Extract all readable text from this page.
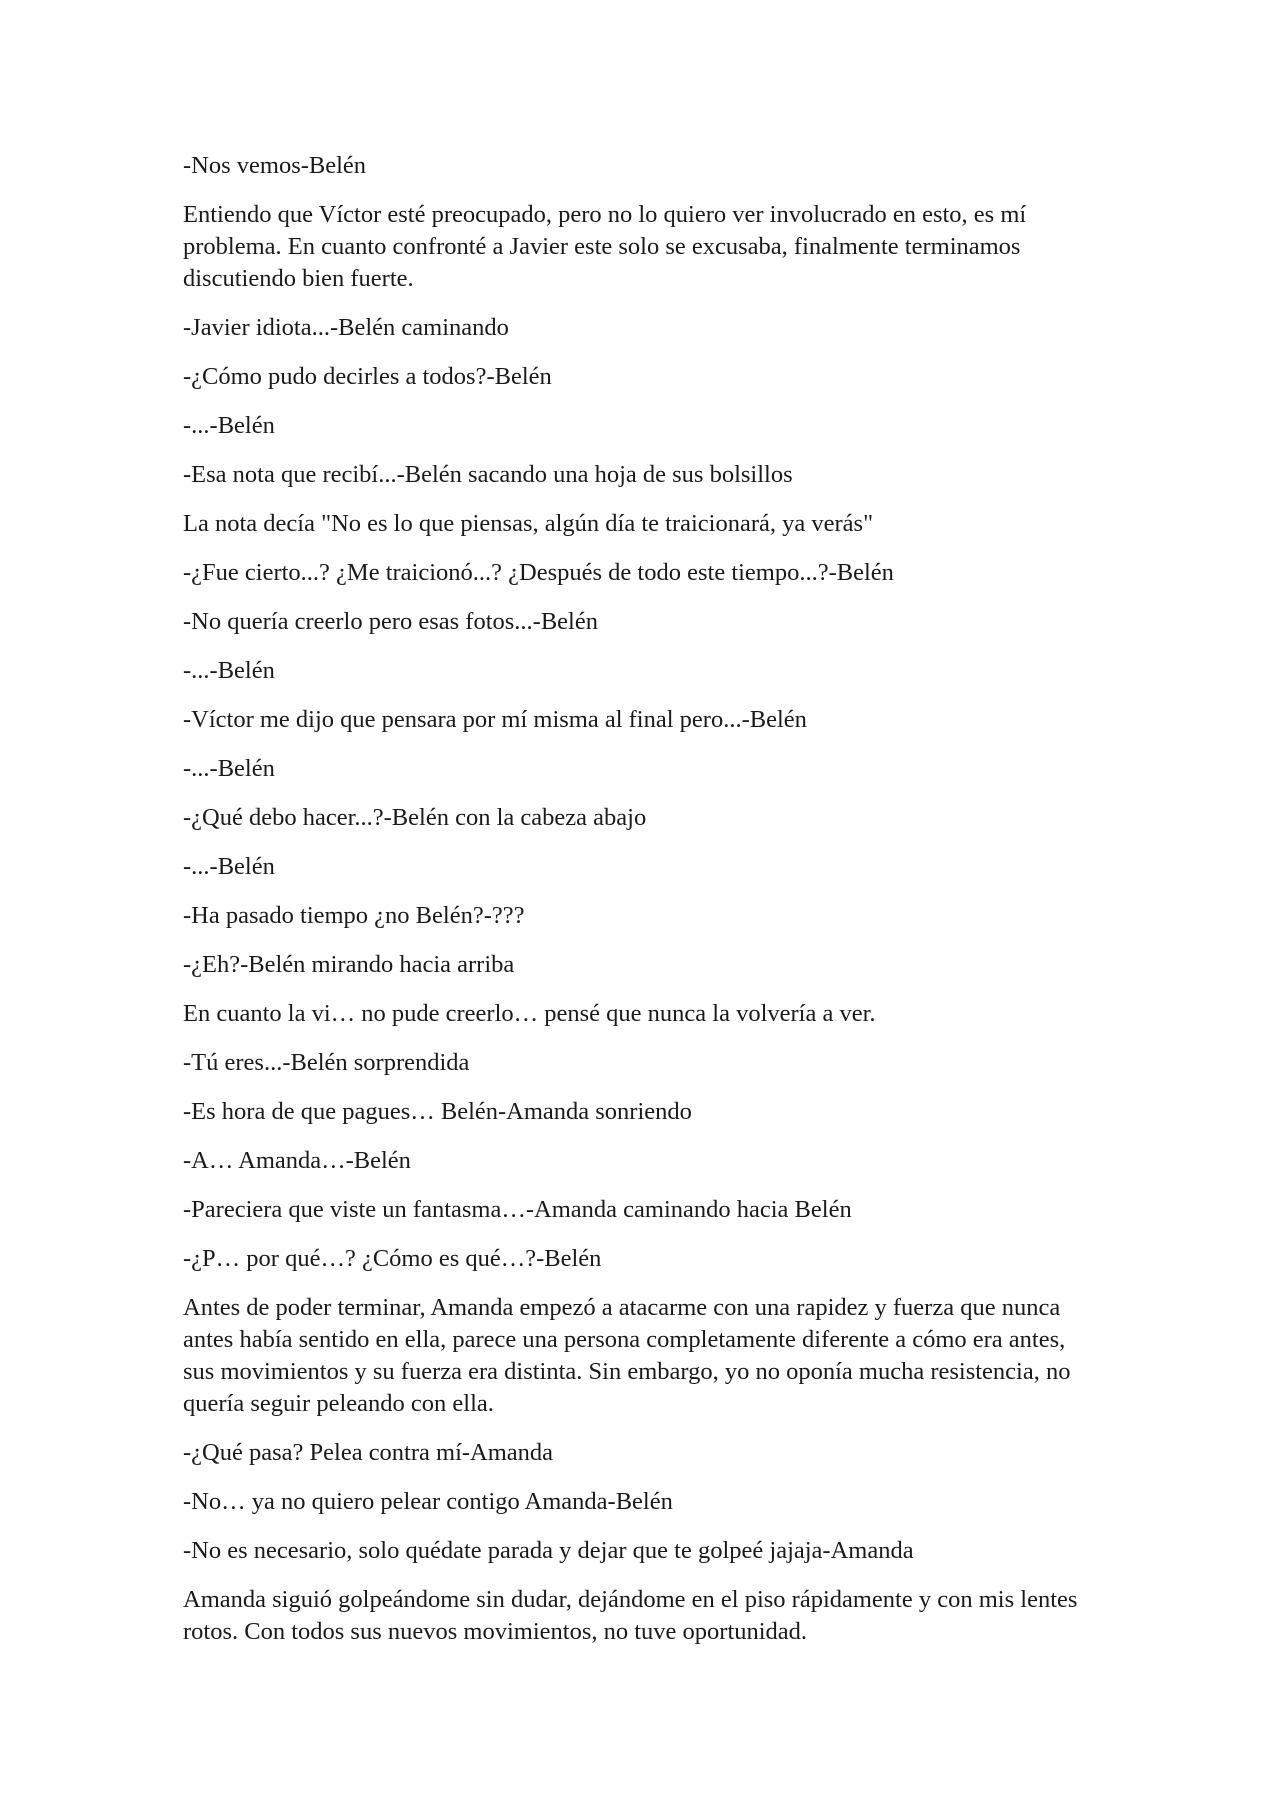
-Nos vemos-Belén

Entiendo que Víctor esté preocupado, pero no lo quiero ver involucrado en esto, es mí problema. En cuanto confronté a Javier este solo se excusaba, finalmente terminamos discutiendo bien fuerte.

-Javier idiota...-Belén caminando

-¿Cómo pudo decirles a todos?-Belén

-...-Belén

-Esa nota que recibí...-Belén sacando una hoja de sus bolsillos

La nota decía "No es lo que piensas, algún día te traicionará, ya verás"

-¿Fue cierto...? ¿Me traicionó...? ¿Después de todo este tiempo...?-Belén

-No quería creerlo pero esas fotos...-Belén

-...-Belén

-Víctor me dijo que pensara por mí misma al final pero...-Belén

-...-Belén

-¿Qué debo hacer...?-Belén con la cabeza abajo

-...-Belén

-Ha pasado tiempo ¿no Belén?-???

-¿Eh?-Belén mirando hacia arriba

En cuanto la vi… no pude creerlo… pensé que nunca la volvería a ver.

-Tú eres...-Belén sorprendida

-Es hora de que pagues… Belén-Amanda sonriendo

-A… Amanda…-Belén

-Pareciera que viste un fantasma…-Amanda caminando hacia Belén

-¿P… por qué…? ¿Cómo es qué…?-Belén

Antes de poder terminar, Amanda empezó a atacarme con una rapidez y fuerza que nunca antes había sentido en ella, parece una persona completamente diferente a cómo era antes, sus movimientos y su fuerza era distinta. Sin embargo, yo no oponía mucha resistencia, no quería seguir peleando con ella.

-¿Qué pasa? Pelea contra mí-Amanda

-No… ya no quiero pelear contigo Amanda-Belén

-No es necesario, solo quédate parada y dejar que te golpeé jajaja-Amanda

Amanda siguió golpeándome sin dudar, dejándome en el piso rápidamente y con mis lentes rotos. Con todos sus nuevos movimientos, no tuve oportunidad.
